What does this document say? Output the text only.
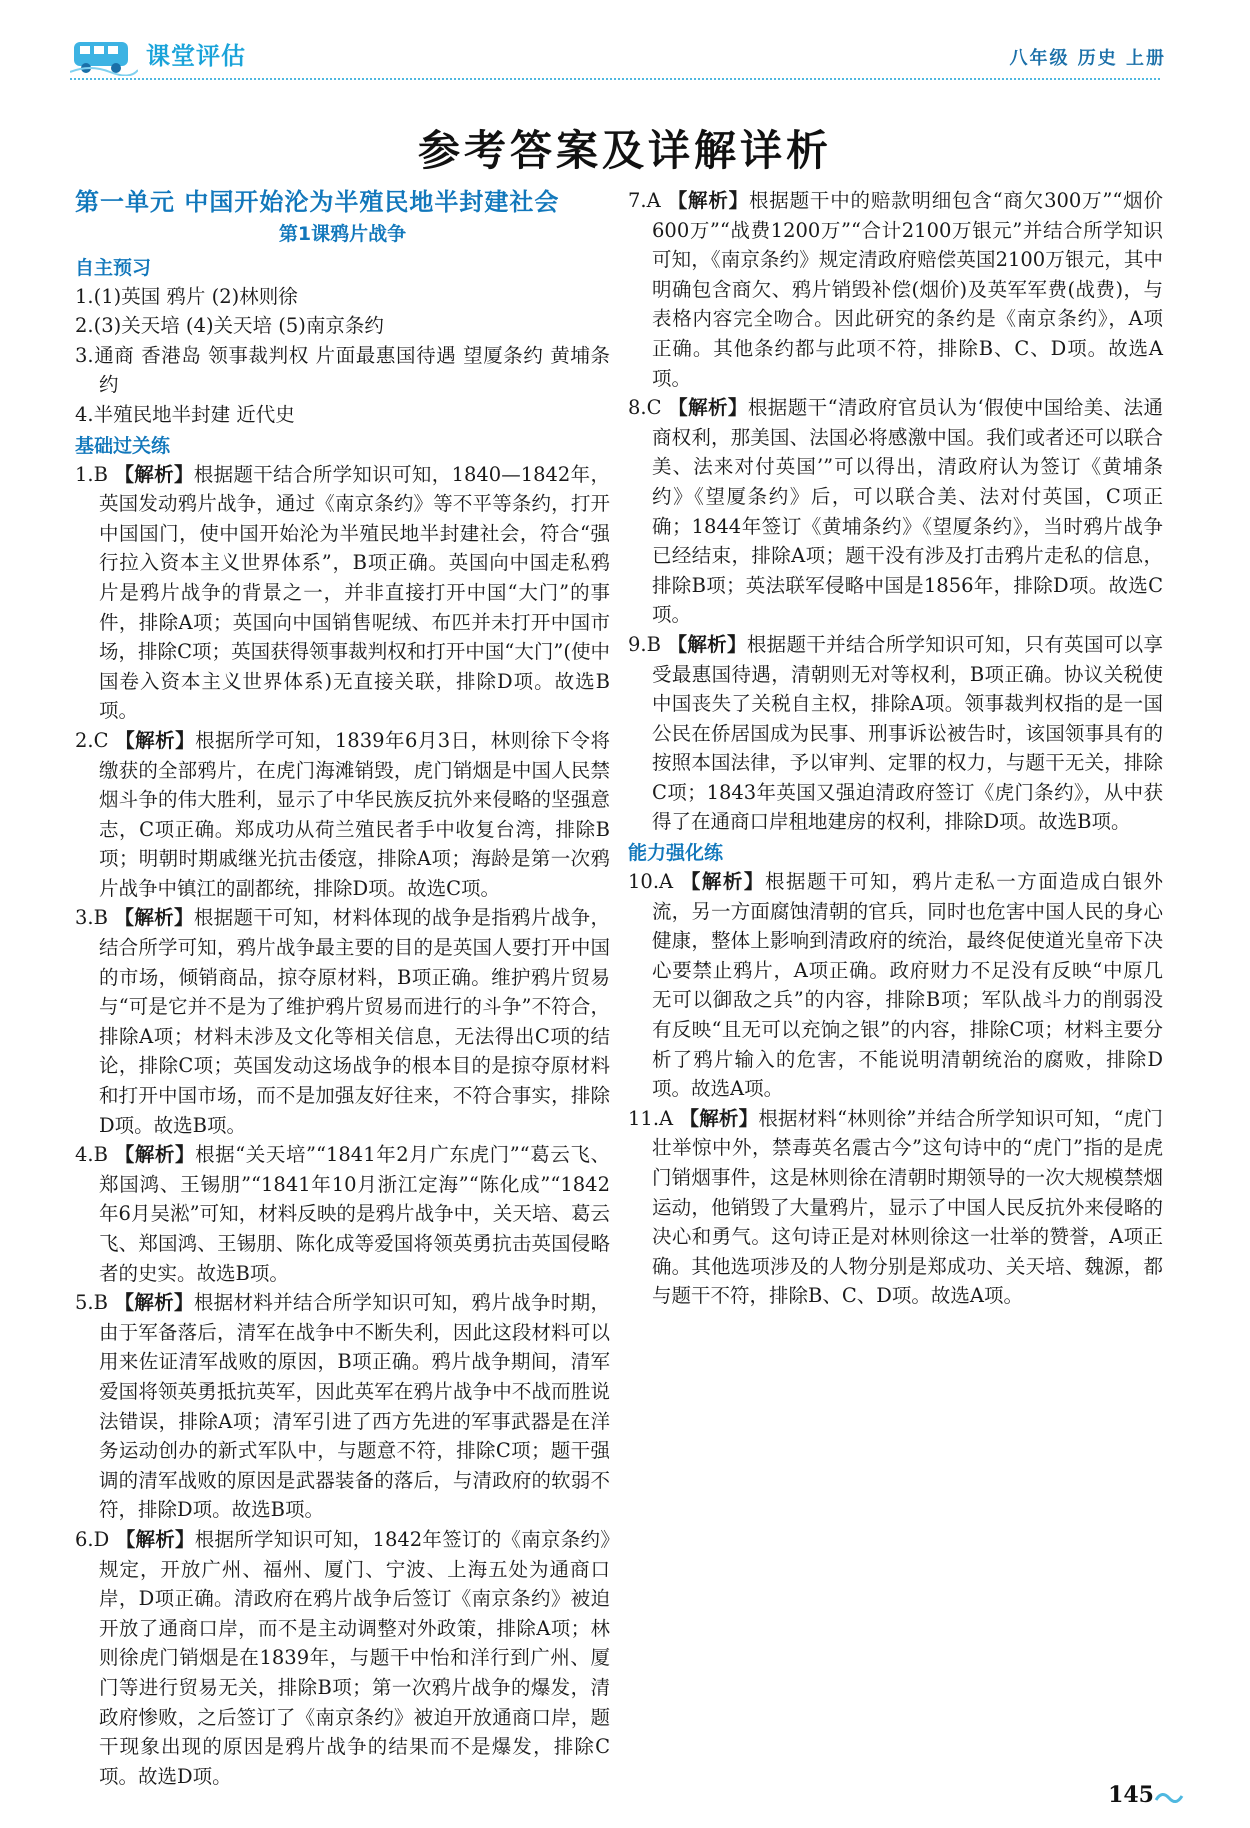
课堂评估	八年级 历史 上册
参考答案及详解详析
第一单元 中国开始沦为半殖民地半封建社会
第1课鸦片战争
自主预习

1.(1)英国 鸦片 (2)林则徐

2.(3)关天培 (4)关天培 (5)南京条约

3.通商 香港岛 领事裁判权 片面最惠国待遇 望厦条约 黄埔条约

4.半殖民地半封建 近代史

基础过关练

1.B 【解析】根据题干结合所学知识可知，1840—1842年，英国发动鸦片战争，通过《南京条约》等不平等条约，打开中国国门，使中国开始沦为半殖民地半封建社会，符合“强行拉入资本主义世界体系”，B项正确。英国向中国走私鸦片是鸦片战争的背景之一，并非直接打开中国“大门”的事件，排除A项；英国向中国销售呢绒、布匹并未打开中国市场，排除C项；英国获得领事裁判权和打开中国“大门”(使中国卷入资本主义世界体系)无直接关联，排除D项。故选B项。

2.C 【解析】根据所学可知，1839年6月3日，林则徐下令将缴获的全部鸦片，在虎门海滩销毁，虎门销烟是中国人民禁烟斗争的伟大胜利，显示了中华民族反抗外来侵略的坚强意志，C项正确。郑成功从荷兰殖民者手中收复台湾，排除B项；明朝时期戚继光抗击倭寇，排除A项；海龄是第一次鸦片战争中镇江的副都统，排除D项。故选C项。

3.B 【解析】根据题干可知，材料体现的战争是指鸦片战争，结合所学可知，鸦片战争最主要的目的是英国人要打开中国的市场，倾销商品，掠夺原材料，B项正确。维护鸦片贸易与“可是它并不是为了维护鸦片贸易而进行的斗争”不符合，排除A项；材料未涉及文化等相关信息，无法得出C项的结论，排除C项；英国发动这场战争的根本目的是掠夺原材料和打开中国市场，而不是加强友好往来，不符合事实，排除D项。故选B项。

4.B 【解析】根据“关天培”“1841年2月广东虎门”“葛云飞、郑国鸿、王锡朋”“1841年10月浙江定海”“陈化成”“1842年6月吴淞”可知，材料反映的是鸦片战争中，关天培、葛云飞、郑国鸿、王锡朋、陈化成等爱国将领英勇抗击英国侵略者的史实。故选B项。

5.B 【解析】根据材料并结合所学知识可知，鸦片战争时期，由于军备落后，清军在战争中不断失利，因此这段材料可以用来佐证清军战败的原因，B项正确。鸦片战争期间，清军爱国将领英勇抵抗英军，因此英军在鸦片战争中不战而胜说法错误，排除A项；清军引进了西方先进的军事武器是在洋务运动创办的新式军队中，与题意不符，排除C项；题干强调的清军战败的原因是武器装备的落后，与清政府的软弱不符，排除D项。故选B项。

6.D 【解析】根据所学知识可知，1842年签订的《南京条约》规定，开放广州、福州、厦门、宁波、上海五处为通商口岸，D项正确。清政府在鸦片战争后签订《南京条约》被迫开放了通商口岸，而不是主动调整对外政策，排除A项；林则徐虎门销烟是在1839年，与题干中怡和洋行到广州、厦门等进行贸易无关，排除B项；第一次鸦片战争的爆发，清政府惨败，之后签订了《南京条约》被迫开放通商口岸，题干现象出现的原因是鸦片战争的结果而不是爆发，排除C项。故选D项。

7.A 【解析】根据题干中的赔款明细包含“商欠300万”“烟价600万”“战费1200万”“合计2100万银元”并结合所学知识可知，《南京条约》规定清政府赔偿英国2100万银元，其中明确包含商欠、鸦片销毁补偿(烟价)及英军军费(战费)，与表格内容完全吻合。因此研究的条约是《南京条约》，A项正确。其他条约都与此项不符，排除B、C、D项。故选A项。

8.C 【解析】根据题干“清政府官员认为‘假使中国给美、法通商权利，那美国、法国必将感激中国。我们或者还可以联合美、法来对付英国’”可以得出，清政府认为签订《黄埔条约》《望厦条约》后，可以联合美、法对付英国，C项正确；1844年签订《黄埔条约》《望厦条约》，当时鸦片战争已经结束，排除A项；题干没有涉及打击鸦片走私的信息，排除B项；英法联军侵略中国是1856年，排除D项。故选C项。

9.B 【解析】根据题干并结合所学知识可知，只有英国可以享受最惠国待遇，清朝则无对等权利，B项正确。协议关税使中国丧失了关税自主权，排除A项。领事裁判权指的是一国公民在侨居国成为民事、刑事诉讼被告时，该国领事具有的按照本国法律，予以审判、定罪的权力，与题干无关，排除C项；1843年英国又强迫清政府签订《虎门条约》，从中获得了在通商口岸租地建房的权利，排除D项。故选B项。

能力强化练

10.A 【解析】根据题干可知，鸦片走私一方面造成白银外流，另一方面腐蚀清朝的官兵，同时也危害中国人民的身心健康，整体上影响到清政府的统治，最终促使道光皇帝下决心要禁止鸦片，A项正确。政府财力不足没有反映“中原几无可以御敌之兵”的内容，排除B项；军队战斗力的削弱没有反映“且无可以充饷之银”的内容，排除C项；材料主要分析了鸦片输入的危害，不能说明清朝统治的腐败，排除D项。故选A项。

11.A 【解析】根据材料“林则徐”并结合所学知识可知，“虎门壮举惊中外，禁毒英名震古今”这句诗中的“虎门”指的是虎门销烟事件，这是林则徐在清朝时期领导的一次大规模禁烟运动，他销毁了大量鸦片，显示了中国人民反抗外来侵略的决心和勇气。这句诗正是对林则徐这一壮举的赞誉，A项正确。其他选项涉及的人物分别是郑成功、关天培、魏源，都与题干不符，排除B、C、D项。故选A项。

145
